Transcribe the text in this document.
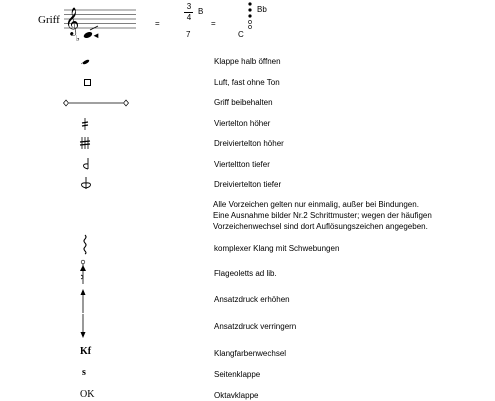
Griff 𝄞
♭ ◄
=
3
4
B
7
=
Bb
C
Klappe halb öffnen
Luft, fast ohne Ton
Griff beibehalten
Viertelton höher
Dreiviertelton höher
Vierteltton tiefer
Dreiviertelton tiefer
Alle Vorzeichen gelten nur einmalig, außer bei Bindungen.
Eine Ausnahme bilder Nr.2 Schrittmuster; wegen der häufigen
Vorzeichenwechsel sind dort Auflösungszeichen angegeben.
Kf
s
OK
komplexer Klang mit Schwebungen
Flageoletts ad lib.
Ansatzdruck erhöhen
Ansatzdruck verringern
Klangfarbenwechsel
Seitenklappe
Oktavklappe
